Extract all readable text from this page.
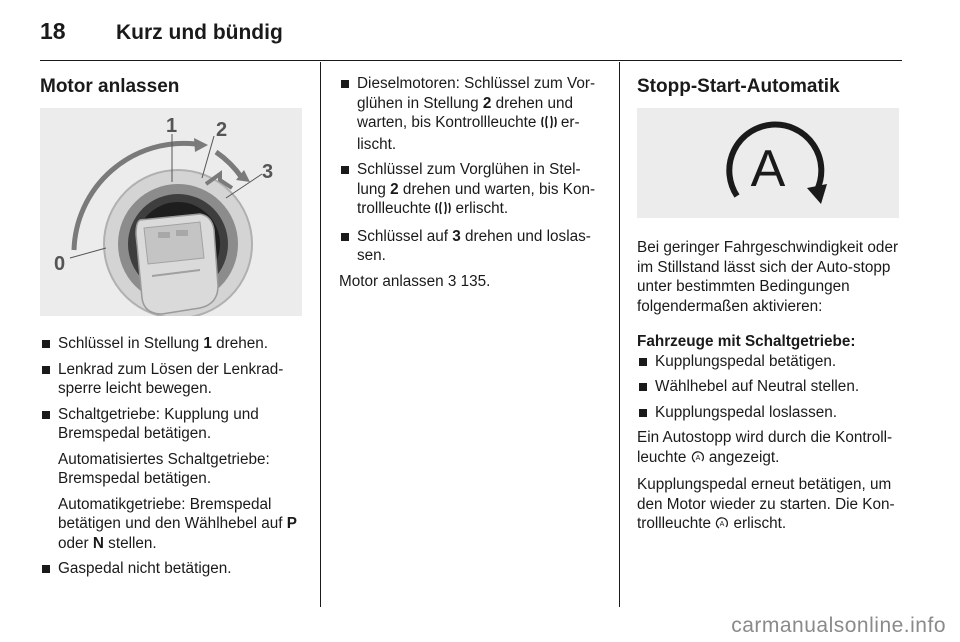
18	Kurz und bündig
Motor anlassen
1 2
3
0
Schlüssel in Stellung 1 drehen.
Lenkrad zum Lösen der Lenkrad-sperre leicht bewegen.
Schaltgetriebe: Kupplung und Bremspedal betätigen.
Automatisiertes Schaltgetriebe: Bremspedal betätigen.
Automatikgetriebe: Bremspedal betätigen und den Wählhebel auf P oder N stellen.
Gaspedal nicht betätigen.
Dieselmotoren: Schlüssel zum Vor-glühen in Stellung 2 drehen und warten, bis Kontrollleuchte  er-lischt.
Schlüssel zum Vorglühen in Stel-lung 2 drehen und warten, bis Kon-trollleuchte  erlischt.
Schlüssel auf 3 drehen und loslas-sen.
Motor anlassen 3 135.
Stopp-Start-Automatik
A
Bei geringer Fahrgeschwindigkeit oder im Stillstand lässt sich der Auto-stopp unter bestimmten Bedingungen folgendermaßen aktivieren:
Fahrzeuge mit Schaltgetriebe:
Kupplungspedal betätigen.
Wählhebel auf Neutral stellen.
Kupplungspedal loslassen.
Ein Autostopp wird durch die Kontroll-leuchte A angezeigt.
Kupplungspedal erneut betätigen, um den Motor wieder zu starten. Die Kon-trollleuchte A erlischt.
carmanualsonline.info
